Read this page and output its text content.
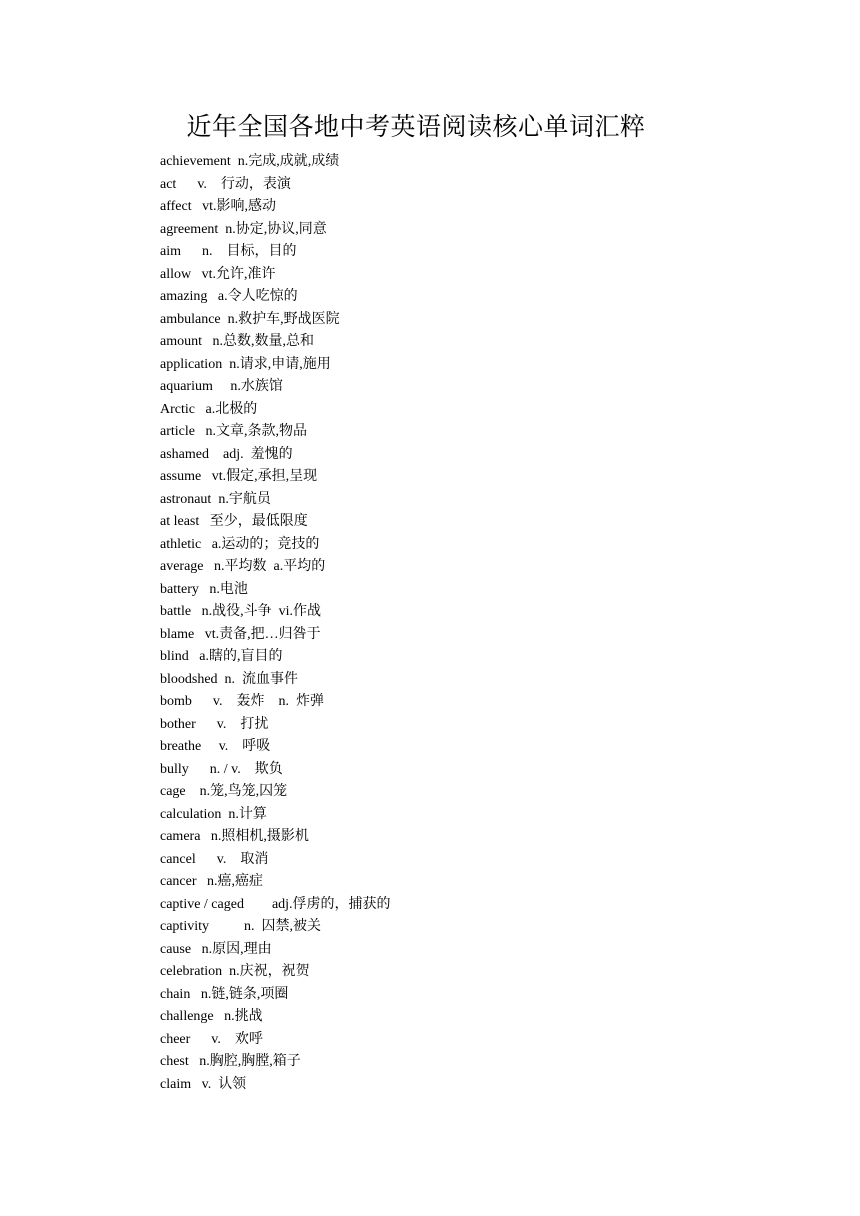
近年全国各地中考英语阅读核心单词汇粹
achievement  n.完成,成就,成绩
act      v.    行动，表演
affect   vt.影响,感动
agreement  n.协定,协议,同意
aim      n.    目标，目的
allow   vt.允许,准许
amazing   a.令人吃惊的
ambulance  n.救护车,野战医院
amount   n.总数,数量,总和
application  n.请求,申请,施用
aquarium     n.水族馆
Arctic   a.北极的
article   n.文章,条款,物品
ashamed    adj.  羞愧的
assume   vt.假定,承担,呈现
astronaut  n.宇航员
at least   至少，最低限度
athletic   a.运动的；竞技的
average   n.平均数  a.平均的
battery   n.电池
battle   n.战役,斗争  vi.作战
blame   vt.责备,把…归咎于
blind   a.瞎的,盲目的
bloodshed  n.  流血事件
bomb      v.    轰炸    n.  炸弹
bother      v.    打扰
breathe     v.    呼吸
bully      n. / v.    欺负
cage    n.笼,鸟笼,囚笼
calculation  n.计算
camera   n.照相机,摄影机
cancel      v.    取消
cancer   n.癌,癌症
captive / caged        adj.俘虏的，捕获的
captivity          n.  囚禁,被关
cause   n.原因,理由
celebration  n.庆祝，祝贺
chain   n.链,链条,项圈
challenge   n.挑战
cheer      v.    欢呼
chest   n.胸腔,胸膛,箱子
claim   v.  认领
